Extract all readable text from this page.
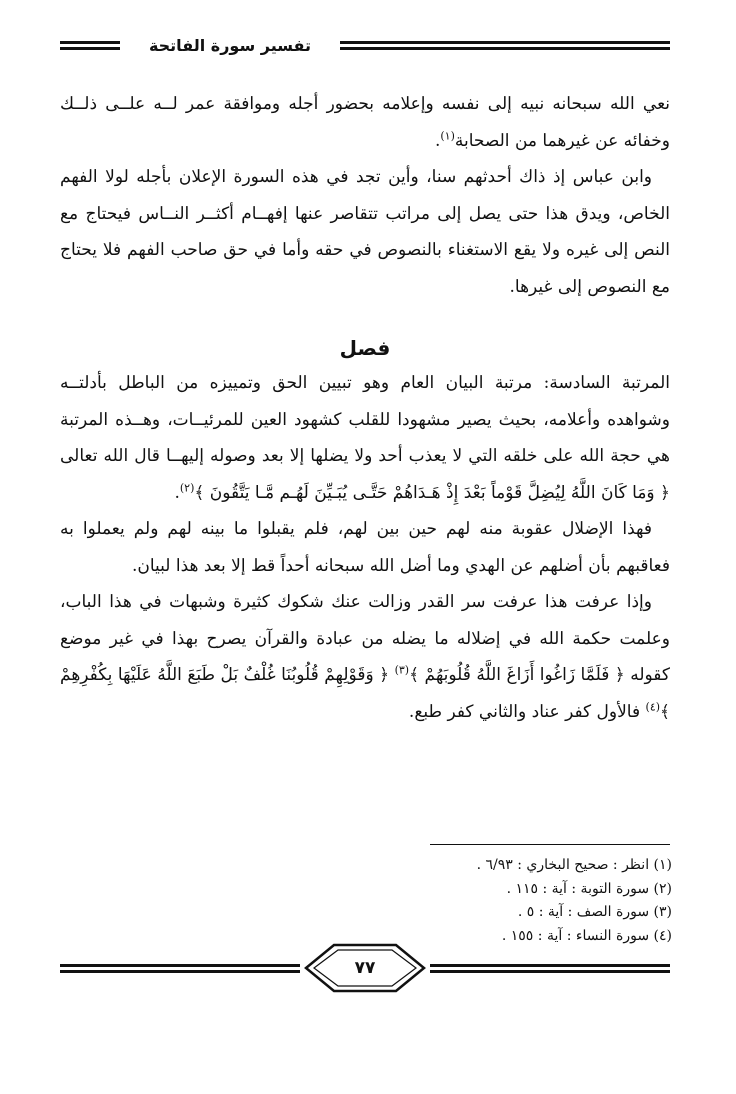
تفسير سورة الفاتحة

نعي الله سبحانه نبيه إلى نفسه وإعلامه بحضور أجله وموافقة عمر لــه علــى ذلــك وخفائه عن غيرهما من الصحابة$^{(١)}$.

وابن عباس إذ ذاك أحدثهم سنا، وأين تجد في هذه السورة الإعلان بأجله لولا الفهم الخاص، ويدق هذا حتى يصل إلى مراتب تتقاصر عنها إفهــام أكثــر النــاس فيحتاج مع النص إلى غيره ولا يقع الاستغناء بالنصوص في حقه وأما في حق صاحب الفهم فلا يحتاج مع النصوص إلى غيرها.

فصل

المرتبة السادسة: مرتبة البيان العام وهو تبيين الحق وتمييزه من الباطل بأدلتــه وشواهده وأعلامه، بحيث يصير مشهودا للقلب كشهود العين للمرئيــات، وهــذه المرتبة هي حجة الله على خلقه التي لا يعذب أحد ولا يضلها إلا بعد وصوله إليهــا قال الله تعالى ﴿ وَمَا كَانَ اللَّهُ لِيُضِلَّ قَوْماً بَعْدَ إِذْ هَـدَاهُمْ حَتَّـى يُبَـيِّنَ لَهُـم مَّـا يَتَّقُونَ ﴾$^{(٢)}$.

فهذا الإضلال عقوبة منه لهم حين بين لهم، فلم يقبلوا ما بينه لهم ولم يعملوا به فعاقبهم بأن أضلهم عن الهدي وما أضل الله سبحانه أحداً قط إلا بعد هذا لبيان.

وإذا عرفت هذا عرفت سر القدر وزالت عنك شكوك كثيرة وشبهات في هذا الباب، وعلمت حكمة الله في إضلاله ما يضله من عبادة والقرآن يصرح بهذا في غير موضع كقوله ﴿ فَلَمَّا زَاغُوا أَزَاغَ اللَّهُ قُلُوبَهُمْ ﴾$^{(٣)}$ ﴿ وَقَوْلِهِمْ قُلُوبُنَا غُلْفٌ بَلْ طَبَعَ اللَّهُ عَلَيْهَا بِكُفْرِهِمْ ﴾$^{(٤)}$ فالأول كفر عناد والثاني كفر طبع.

(١) انظر : صحيح البخاري : ٦/٩٣ .

(٢) سورة التوبة : آية : ١١٥ .

(٣) سورة الصف : آية : ٥ .

(٤) سورة النساء : آية : ١٥٥ .

٧٧
